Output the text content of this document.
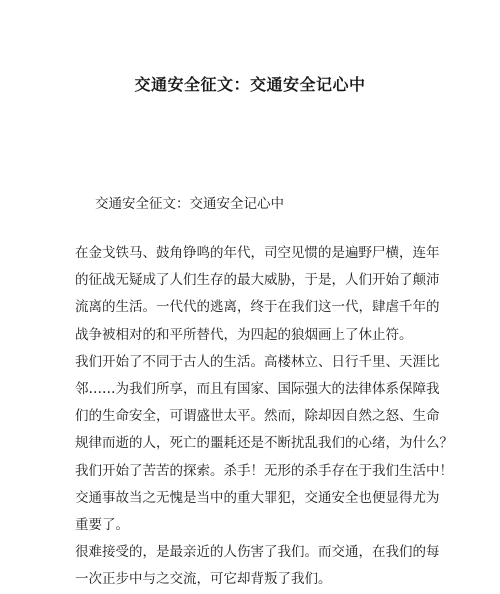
交通安全征文：交通安全记心中
交通安全征文：交通安全记心中

在金戈铁马、鼓角铮鸣的年代，司空见惯的是遍野尸横，连年
的征战无疑成了人们生存的最大威胁，于是，人们开始了颠沛
流离的生活。一代代的逃离，终于在我们这一代，肆虐千年的
战争被相对的和平所替代，为四起的狼烟画上了休止符。

我们开始了不同于古人的生活。高楼林立、日行千里、天涯比
邻……为我们所享，而且有国家、国际强大的法律体系保障我
们的生命安全，可谓盛世太平。然而，除却因自然之怒、生命
规律而逝的人，死亡的噩耗还是不断扰乱我们的心绪，为什么？
我们开始了苦苦的探索。杀手！无形的杀手存在于我们生活中！
交通事故当之无愧是当中的重大罪犯，交通安全也便显得尤为
重要了。

很难接受的，是最亲近的人伤害了我们。而交通，在我们的每
一次正步中与之交流，可它却背叛了我们。
